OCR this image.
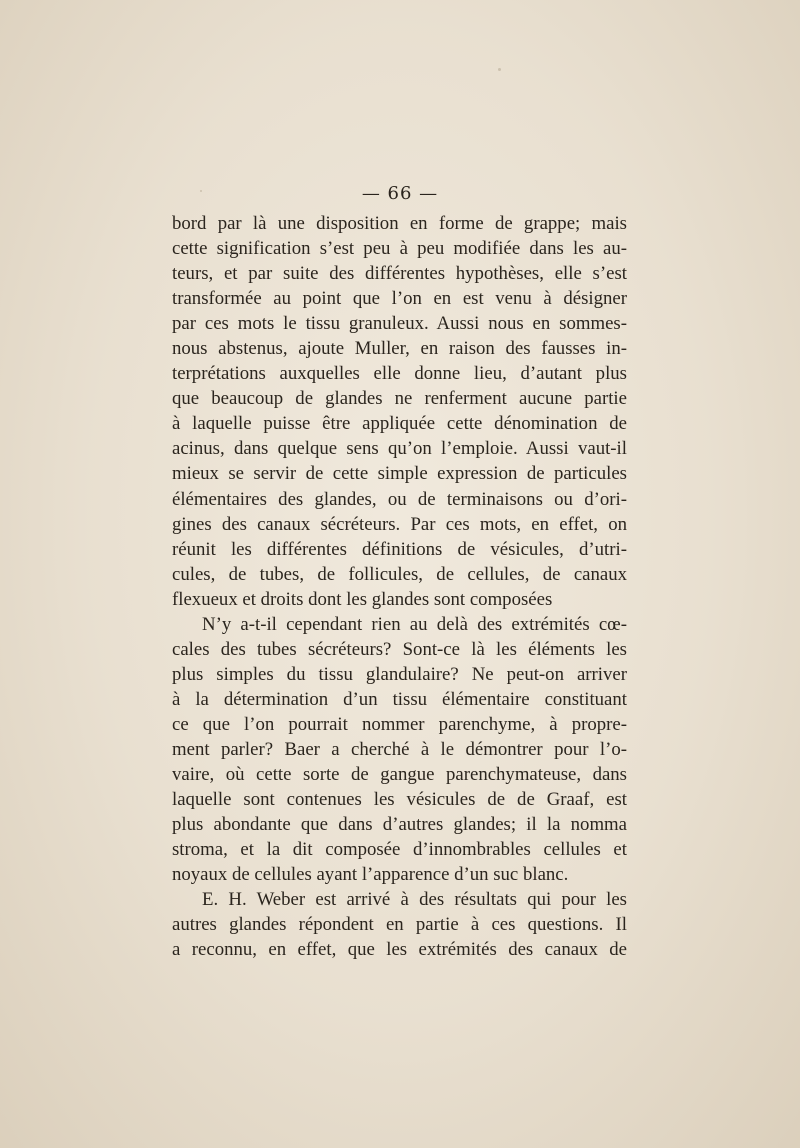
— 66 —
bord par là une disposition en forme de grappe; mais
cette signification s’est peu à peu modifiée dans les au-
teurs, et par suite des différentes hypothèses, elle s’est
transformée au point que l’on en est venu à désigner
par ces mots le tissu granuleux. Aussi nous en sommes-
nous abstenus, ajoute Muller, en raison des fausses in-
terprétations auxquelles elle donne lieu, d’autant plus
que beaucoup de glandes ne renferment aucune partie
à laquelle puisse être appliquée cette dénomination de
acinus, dans quelque sens qu’on l’emploie. Aussi vaut-il
mieux se servir de cette simple expression de particules
élémentaires des glandes, ou de terminaisons ou d’ori-
gines des canaux sécréteurs. Par ces mots, en effet, on
réunit les différentes définitions de vésicules, d’utri-
cules, de tubes, de follicules, de cellules, de canaux
flexueux et droits dont les glandes sont composées
N’y a-t-il cependant rien au delà des extrémités cœ-
cales des tubes sécréteurs? Sont-ce là les éléments les
plus simples du tissu glandulaire? Ne peut-on arriver
à la détermination d’un tissu élémentaire constituant
ce que l’on pourrait nommer parenchyme, à propre-
ment parler? Baer a cherché à le démontrer pour l’o-
vaire, où cette sorte de gangue parenchymateuse, dans
laquelle sont contenues les vésicules de de Graaf, est
plus abondante que dans d’autres glandes; il la nomma
stroma, et la dit composée d’innombrables cellules et
noyaux de cellules ayant l’apparence d’un suc blanc.
E. H. Weber est arrivé à des résultats qui pour les
autres glandes répondent en partie à ces questions. Il
a reconnu, en effet, que les extrémités des canaux de
